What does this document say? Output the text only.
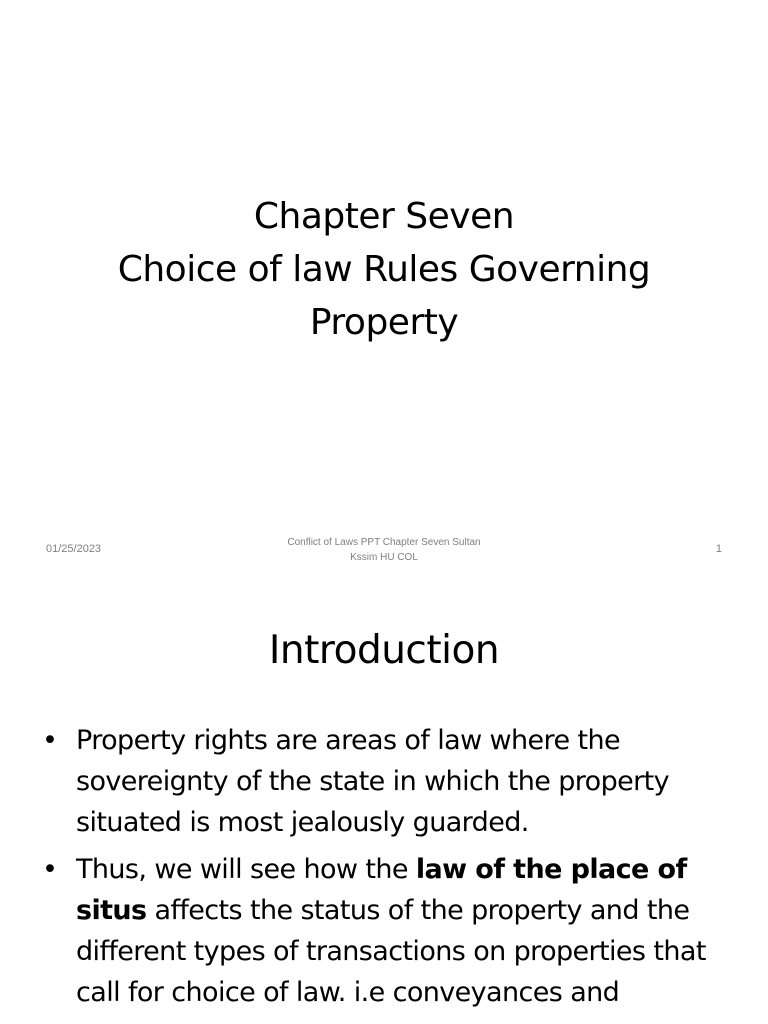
Chapter Seven
Choice of law Rules Governing
Property
01/25/2023
Conflict of Laws PPT Chapter Seven Sultan
Kssim HU COL
1
Introduction
• Property rights are areas of law where the sovereignty of the state in which the property situated is most jealously guarded.
• Thus, we will see how the law of the place of situs affects the status of the property and the different types of transactions on properties that call for choice of law. i.e conveyances and
